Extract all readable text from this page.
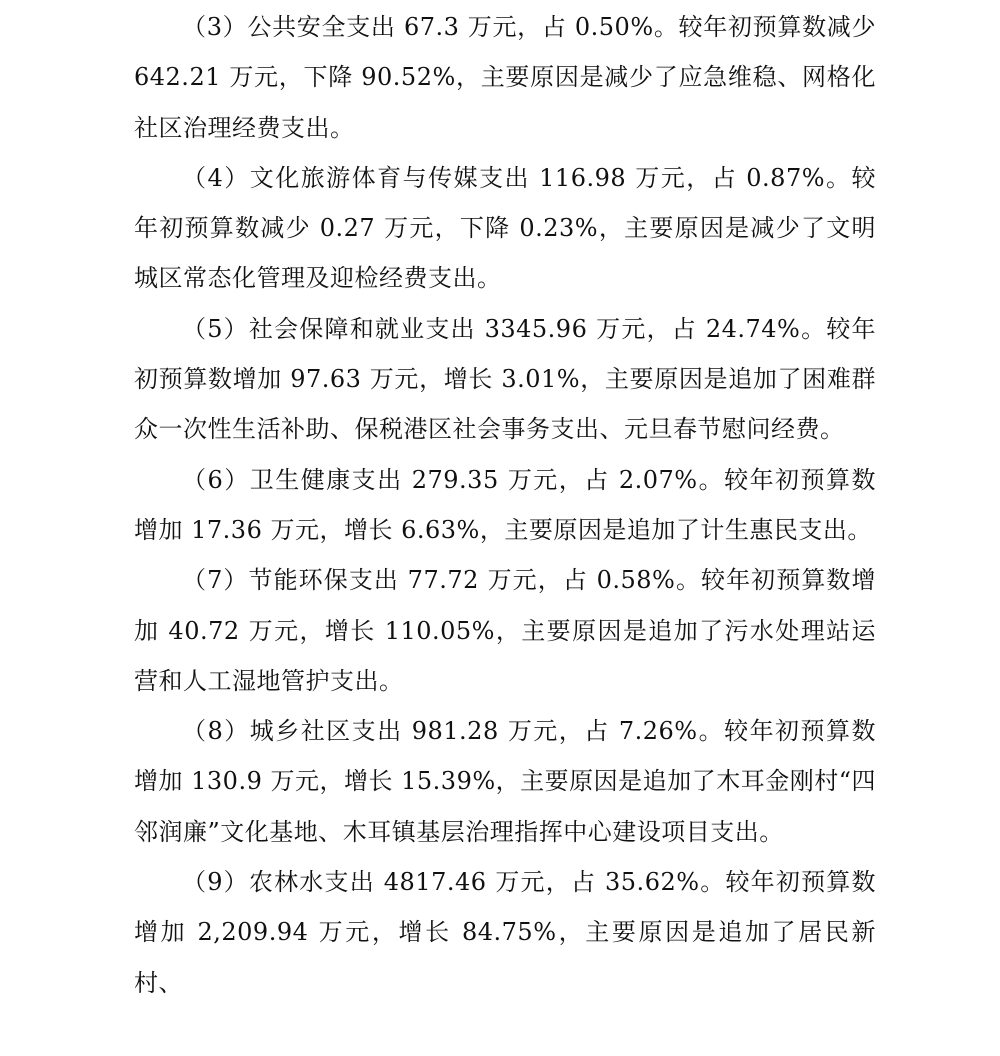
（3）公共安全支出 67.3 万元，占 0.50%。较年初预算数减少 642.21 万元，下降 90.52%，主要原因是减少了应急维稳、网格化社区治理经费支出。

（4）文化旅游体育与传媒支出 116.98 万元，占 0.87%。较年初预算数减少 0.27 万元，下降 0.23%，主要原因是减少了文明城区常态化管理及迎检经费支出。

（5）社会保障和就业支出 3345.96 万元，占 24.74%。较年初预算数增加 97.63 万元，增长 3.01%，主要原因是追加了困难群众一次性生活补助、保税港区社会事务支出、元旦春节慰问经费。

（6）卫生健康支出 279.35 万元，占 2.07%。较年初预算数增加 17.36 万元，增长 6.63%，主要原因是追加了计生惠民支出。

（7）节能环保支出 77.72 万元，占 0.58%。较年初预算数增加 40.72 万元，增长 110.05%，主要原因是追加了污水处理站运营和人工湿地管护支出。

（8）城乡社区支出 981.28 万元，占 7.26%。较年初预算数增加 130.9 万元，增长 15.39%，主要原因是追加了木耳金刚村“四邻润廉”文化基地、木耳镇基层治理指挥中心建设项目支出。

（9）农林水支出 4817.46 万元，占 35.62%。较年初预算数增加 2,209.94 万元，增长 84.75%，主要原因是追加了居民新村、
